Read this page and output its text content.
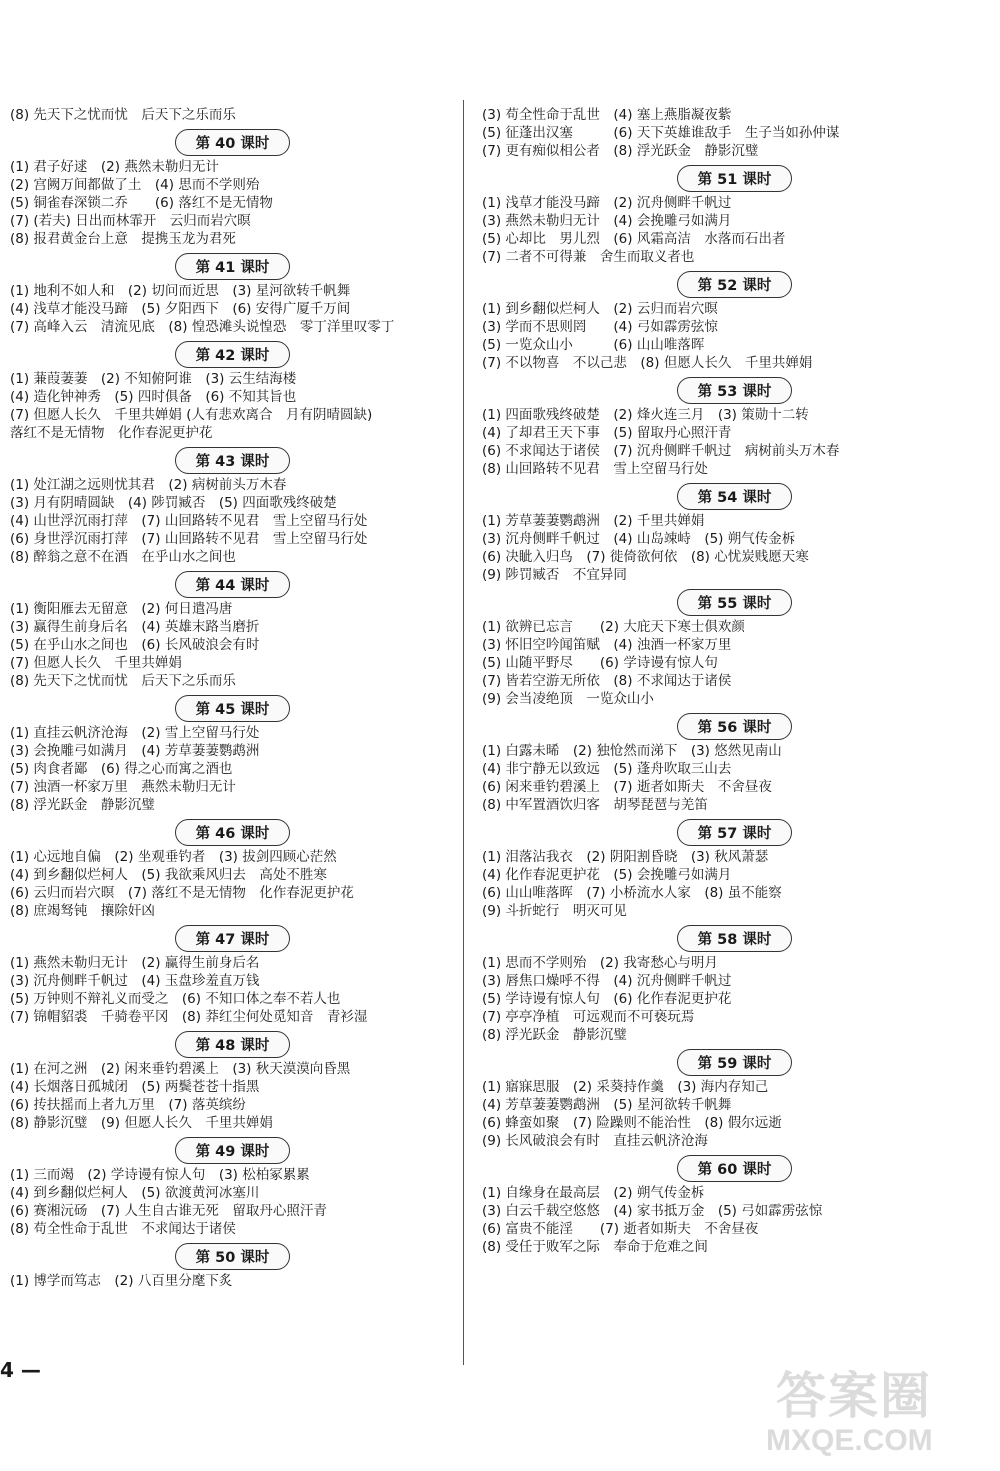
(8) 先天下之忧而忧　后天下之乐而乐
第 40 课时
(1) 君子好逑　(2) 燕然未勒归无计
(2) 宫阙万间都做了土　(4) 思而不学则殆
(5) 铜雀春深锁二乔　　(6) 落红不是无情物
(7) (若夫) 日出而林霏开　云归而岩穴暝
(8) 报君黄金台上意　提携玉龙为君死
第 41 课时
(1) 地利不如人和　(2) 切问而近思　(3) 星河欲转千帆舞
(4) 浅草才能没马蹄　(5) 夕阳西下　(6) 安得广厦千万间
(7) 高峰入云　清流见底　(8) 惶恐滩头说惶恐　零丁洋里叹零丁
第 42 课时
(1) 蒹葭萋萋　(2) 不知俯阿谁　(3) 云生结海楼
(4) 造化钟神秀　(5) 四时俱备　(6) 不知其旨也
(7) 但愿人长久　千里共婵娟 (人有悲欢离合　月有阴晴圆缺)
落红不是无情物　化作春泥更护花
第 43 课时
(1) 处江湖之远则忧其君　(2) 病树前头万木春
(3) 月有阴晴圆缺　(4) 陟罚臧否　(5) 四面歌残终破楚
(4) 山世浮沉雨打萍　(7) 山回路转不见君　雪上空留马行处
(6) 身世浮沉雨打萍　(7) 山回路转不见君　雪上空留马行处
(8) 醉翁之意不在酒　在乎山水之间也
第 44 课时
(1) 衡阳雁去无留意　(2) 何日遣冯唐
(3) 赢得生前身后名　(4) 英雄末路当磨折
(5) 在乎山水之间也　(6) 长风破浪会有时
(7) 但愿人长久　千里共婵娟
(8) 先天下之忧而忧　后天下之乐而乐
第 45 课时
(1) 直挂云帆济沧海　(2) 雪上空留马行处
(3) 会挽雕弓如满月　(4) 芳草萋萋鹦鹉洲
(5) 肉食者鄙　(6) 得之心而寓之酒也
(7) 浊酒一杯家万里　燕然未勒归无计
(8) 浮光跃金　静影沉璧
第 46 课时
(1) 心远地自偏　(2) 坐观垂钓者　(3) 拔剑四顾心茫然
(4) 到乡翻似烂柯人　(5) 我欲乘风归去　高处不胜寒
(6) 云归而岩穴暝　(7) 落红不是无情物　化作春泥更护花
(8) 庶竭驽钝　攘除奸凶
第 47 课时
(1) 燕然未勒归无计　(2) 赢得生前身后名
(3) 沉舟侧畔千帆过　(4) 玉盘珍羞直万钱
(5) 万钟则不辩礼义而受之　(6) 不知口体之奉不若人也
(7) 锦帽貂裘　千骑卷平冈　(8) 莽红尘何处觅知音　青衫湿
第 48 课时
(1) 在河之洲　(2) 闲来垂钓碧溪上　(3) 秋天漠漠向昏黑
(4) 长烟落日孤城闭　(5) 两鬓苍苍十指黑
(6) 抟扶摇而上者九万里　(7) 落英缤纷
(8) 静影沉璧　(9) 但愿人长久　千里共婵娟
第 49 课时
(1) 三而竭　(2) 学诗谩有惊人句　(3) 松柏冢累累
(4) 到乡翻似烂柯人　(5) 欲渡黄河冰塞川
(6) 赛湘沅砀　(7) 人生自古谁无死　留取丹心照汗青
(8) 苟全性命于乱世　不求闻达于诸侯
第 50 课时
(1) 博学而笃志　(2) 八百里分麾下炙
(3) 苟全性命于乱世　(4) 塞上燕脂凝夜紫
(5) 征蓬出汉塞　　　(6) 天下英雄谁敌手　生子当如孙仲谋
(7) 更有痴似相公者　(8) 浮光跃金　静影沉璧
第 51 课时
(1) 浅草才能没马蹄　(2) 沉舟侧畔千帆过
(3) 燕然未勒归无计　(4) 会挽雕弓如满月
(5) 心却比　男儿烈　(6) 风霜高洁　水落而石出者
(7) 二者不可得兼　舍生而取义者也
第 52 课时
(1) 到乡翻似烂柯人　(2) 云归而岩穴暝
(3) 学而不思则罔　　(4) 弓如霹雳弦惊
(5) 一览众山小　　　(6) 山山唯落晖
(7) 不以物喜　不以己悲　(8) 但愿人长久　千里共婵娟
第 53 课时
(1) 四面歌残终破楚　(2) 烽火连三月　(3) 策勋十二转
(4) 了却君王天下事　(5) 留取丹心照汗青
(6) 不求闻达于诸侯　(7) 沉舟侧畔千帆过　病树前头万木春
(8) 山回路转不见君　雪上空留马行处
第 54 课时
(1) 芳草萋萋鹦鹉洲　(2) 千里共婵娟
(3) 沉舟侧畔千帆过　(4) 山岛竦峙　(5) 朔气传金柝
(6) 决眦入归鸟　(7) 徙倚欲何依　(8) 心忧炭贱愿天寒
(9) 陟罚臧否　不宜异同
第 55 课时
(1) 欲辨已忘言　　(2) 大庇天下寒士俱欢颜
(3) 怀旧空吟闻笛赋　(4) 浊酒一杯家万里
(5) 山随平野尽　　(6) 学诗谩有惊人句
(7) 皆若空游无所依　(8) 不求闻达于诸侯
(9) 会当凌绝顶　一览众山小
第 56 课时
(1) 白露未晞　(2) 独怆然而涕下　(3) 悠然见南山
(4) 非宁静无以致远　(5) 蓬舟吹取三山去
(6) 闲来垂钓碧溪上　(7) 逝者如斯夫　不舍昼夜
(8) 中军置酒饮归客　胡琴琵琶与羌笛
第 57 课时
(1) 泪落沾我衣　(2) 阴阳割昏晓　(3) 秋风萧瑟
(4) 化作春泥更护花　(5) 会挽雕弓如满月
(6) 山山唯落晖　(7) 小桥流水人家　(8) 虽不能察
(9) 斗折蛇行　明灭可见
第 58 课时
(1) 思而不学则殆　(2) 我寄愁心与明月
(3) 唇焦口燥呼不得　(4) 沉舟侧畔千帆过
(5) 学诗谩有惊人句　(6) 化作春泥更护花
(7) 亭亭净植　可远观而不可亵玩焉
(8) 浮光跃金　静影沉璧
第 59 课时
(1) 寤寐思服　(2) 采葵持作羹　(3) 海内存知己
(4) 芳草萋萋鹦鹉洲　(5) 星河欲转千帆舞
(6) 蜂蛮如聚　(7) 险躁则不能治性　(8) 假尔远逝
(9) 长风破浪会有时　直挂云帆济沧海
第 60 课时
(1) 自缘身在最高层　(2) 朔气传金柝
(3) 白云千载空悠悠　(4) 家书抵万金　(5) 弓如霹雳弦惊
(6) 富贵不能淫　　(7) 逝者如斯夫　不舍昼夜
(8) 受任于败军之际　奉命于危难之间
4 —	答案圈
MXQE.COM
